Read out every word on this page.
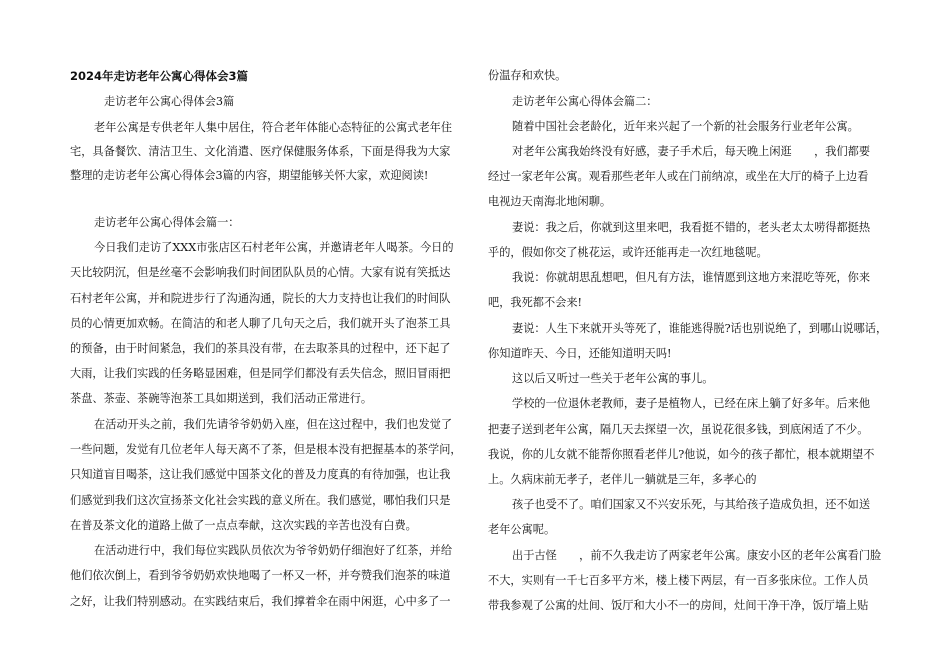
2024年走访老年公寓心得体会3篇
走访老年公寓心得体会3篇
老年公寓是专供老年人集中居住，符合老年体能心态特征的公寓式老年住
宅，具备餐饮、清洁卫生、文化消遣、医疗保健服务体系，下面是得我为大家
整理的走访老年公寓心得体会3篇的内容，期望能够关怀大家，欢迎阅读!
走访老年公寓心得体会篇一：
今日我们走访了XXX市张店区石村老年公寓，并邀请老年人喝茶。今日的
天比较阴沉，但是丝毫不会影响我们时间团队队员的心情。大家有说有笑抵达
石村老年公寓，并和院进步行了沟通沟通，院长的大力支持也让我们的时间队
员的心情更加欢畅。在简洁的和老人聊了几句天之后，我们就开头了泡茶工具
的预备，由于时间紧急，我们的茶具没有带，在去取茶具的过程中，还下起了
大雨，让我们实践的任务略显困难，但是同学们都没有丢失信念，照旧冒雨把
茶盘、茶壶、茶碗等泡茶工具如期送到，我们活动正常进行。
在活动开头之前，我们先请爷爷奶奶入座，但在这过程中，我们也发觉了
一些问题，发觉有几位老年人每天离不了茶，但是根本没有把握基本的茶学问，
只知道盲目喝茶，这让我们感觉中国茶文化的普及力度真的有待加强，也让我
们感觉到我们这次宣扬茶文化社会实践的意义所在。我们感觉，哪怕我们只是
在普及茶文化的道路上做了一点点奉献，这次实践的辛苦也没有白费。
在活动进行中，我们每位实践队员依次为爷爷奶奶仔细泡好了红茶，并给
他们依次倒上，看到爷爷奶奶欢快地喝了一杯又一杯，并夸赞我们泡茶的味道
之好，让我们特别感动。在实践结束后，我们撑着伞在雨中闲逛，心中多了一
份温存和欢快。
走访老年公寓心得体会篇二：
随着中国社会老龄化，近年来兴起了一个新的社会服务行业老年公寓。
对老年公寓我始终没有好感，妻子手术后，每天晚上闲逛　　，我们都要
经过一家老年公寓。观看那些老年人或在门前纳凉，或坐在大厅的椅子上边看
电视边天南海北地闲聊。
妻说：我之后，你就到这里来吧，我看挺不错的，老头老太太唠得都挺热
乎的，假如你交了桃花运，或许还能再走一次红地毯呢。
我说：你就胡思乱想吧，但凡有方法，谁情愿到这地方来混吃等死，你来
吧，我死都不会来!
妻说：人生下来就开头等死了，谁能逃得脱?话也别说绝了，到哪山说哪话，
你知道昨天、今日，还能知道明天吗!
这以后又听过一些关于老年公寓的事儿。
学校的一位退休老教师，妻子是植物人，已经在床上躺了好多年。后来他
把妻子送到老年公寓，隔几天去探望一次，虽说花很多钱，到底闲适了不少。
我说，你的儿女就不能帮你照看老伴儿?他说，如今的孩子都忙，根本就期望不
上。久病床前无孝子，老伴儿一躺就是三年，多孝心的
孩子也受不了。咱们国家又不兴安乐死，与其给孩子造成负担，还不如送
老年公寓呢。
出于古怪　　，前不久我走访了两家老年公寓。康安小区的老年公寓看门脸
不大，实则有一千七百多平方米，楼上楼下两层，有一百多张床位。工作人员
带我参观了公寓的灶间、饭厅和大小不一的房间，灶间干净干净，饭厅墙上贴
